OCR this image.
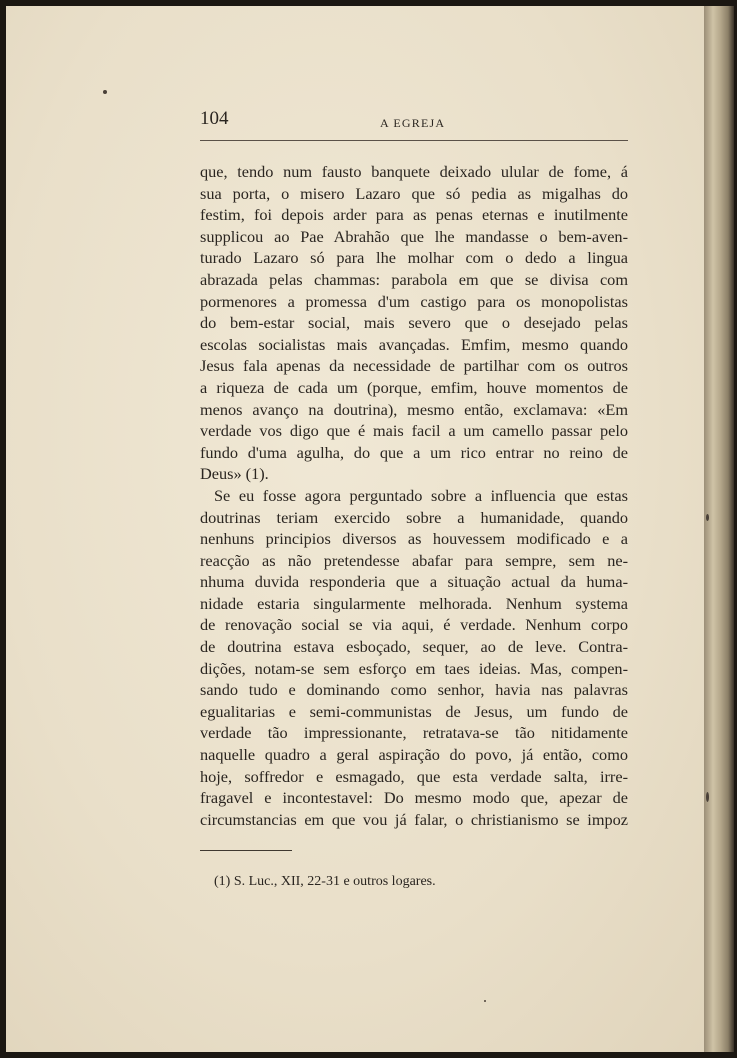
104	A EGREJA
que, tendo num fausto banquete deixado ulular de fome, á
sua porta, o misero Lazaro que só pedia as migalhas do
festim, foi depois arder para as penas eternas e inutilmente
supplicou ao Pae Abrahão que lhe mandasse o bem-aven-
turado Lazaro só para lhe molhar com o dedo a lingua
abrazada pelas chammas: parabola em que se divisa com
pormenores a promessa d'um castigo para os monopolistas
do bem-estar social, mais severo que o desejado pelas
escolas socialistas mais avançadas. Emfim, mesmo quando
Jesus fala apenas da necessidade de partilhar com os outros
a riqueza de cada um (porque, emfim, houve momentos de
menos avanço na doutrina), mesmo então, exclamava: «Em
verdade vos digo que é mais facil a um camello passar pelo
fundo d'uma agulha, do que a um rico entrar no reino de
Deus» (1).
Se eu fosse agora perguntado sobre a influencia que estas
doutrinas teriam exercido sobre a humanidade, quando
nenhuns principios diversos as houvessem modificado e a
reacção as não pretendesse abafar para sempre, sem ne-
nhuma duvida responderia que a situação actual da huma-
nidade estaria singularmente melhorada. Nenhum systema
de renovação social se via aqui, é verdade. Nenhum corpo
de doutrina estava esboçado, sequer, ao de leve. Contra-
dições, notam-se sem esforço em taes ideias. Mas, compen-
sando tudo e dominando como senhor, havia nas palavras
egualitarias e semi-communistas de Jesus, um fundo de
verdade tão impressionante, retratava-se tão nitidamente
naquelle quadro a geral aspiração do povo, já então, como
hoje, soffredor e esmagado, que esta verdade salta, irre-
fragavel e incontestavel: Do mesmo modo que, apezar de
circumstancias em que vou já falar, o christianismo se impoz
(1) S. Luc., XII, 22-31 e outros logares.
